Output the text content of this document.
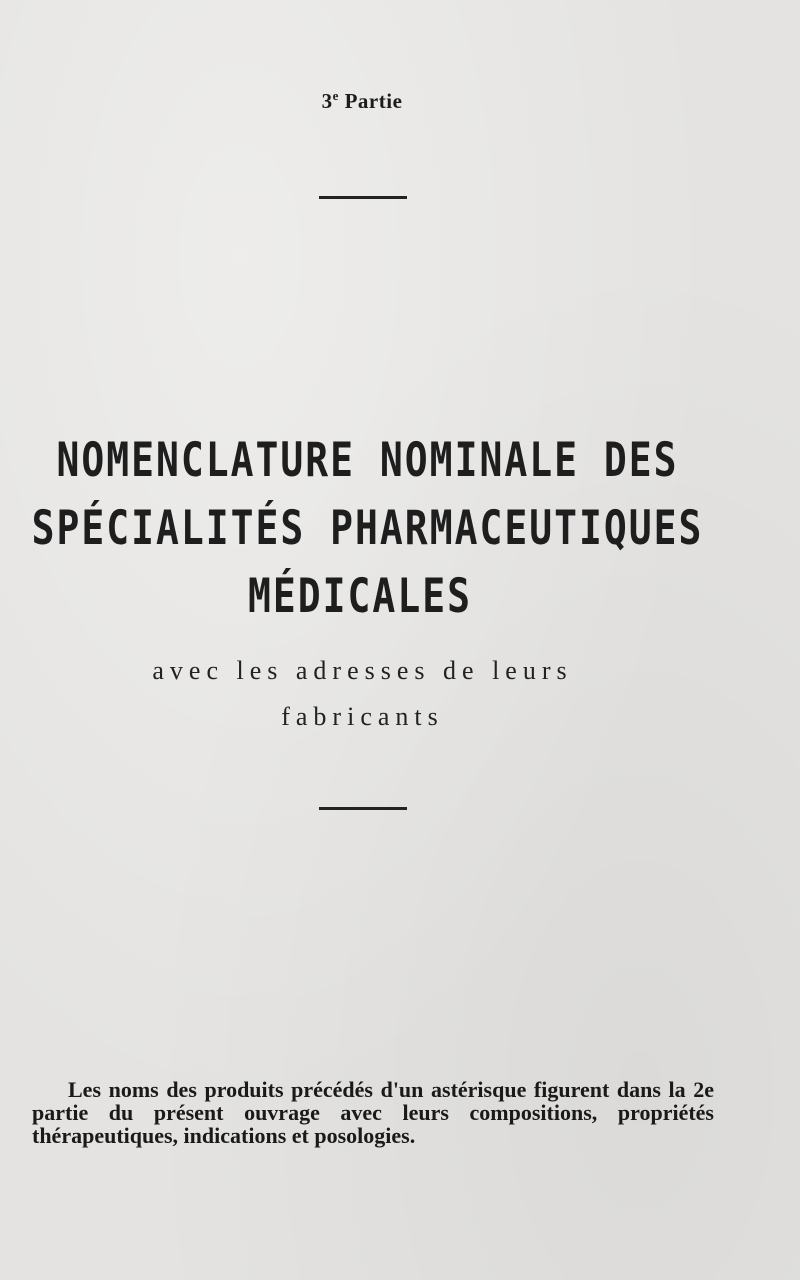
3e Partie
NOMENCLATURE NOMINALE DES
SPÉCIALITÉS PHARMACEUTIQUES
MÉDICALES
avec les adresses de leurs
fabricants
Les noms des produits précédés d'un astérisque figurent dans la 2e partie du présent ouvrage avec leurs compositions, propriétés thérapeutiques, indications et posologies.
